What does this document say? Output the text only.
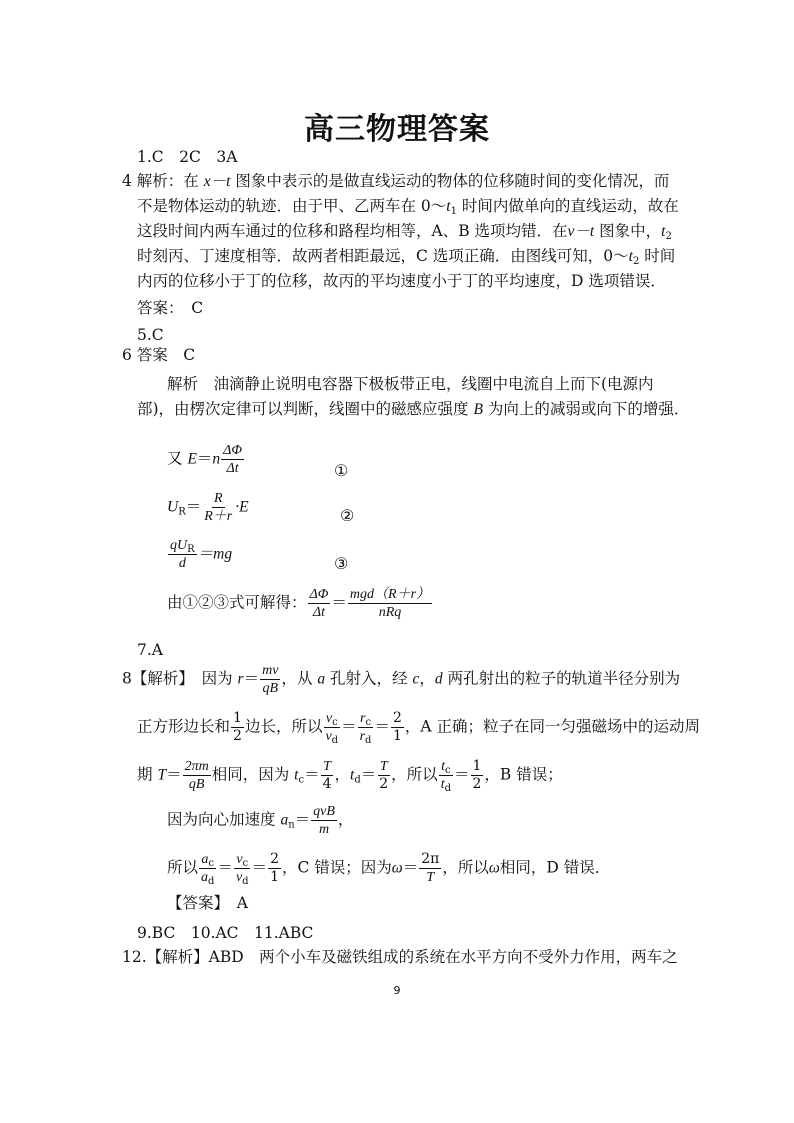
高三物理答案
1.C　2C　3A
4 解析：在 x－t 图象中表示的是做直线运动的物体的位移随时间的变化情况，而
不是物体运动的轨迹．由于甲、乙两车在 $0\sim t_1$ 时间内做单向的直线运动，故在
这段时间内两车通过的位移和路程均相等，A、B 选项均错．在v－t 图象中，$t_2$
时刻丙、丁速度相等．故两者相距最远，C 选项正确．由图线可知，$0\sim t_2$ 时间
内丙的位移小于丁的位移，故丙的平均速度小于丁的平均速度，D 选项错误．
答案：　C
5.C
6 答案　C
解析　油滴静止说明电容器下极板带正电，线圈中电流自上而下(电源内
部)，由楞次定律可以判断，线圈中的磁感应强度 B 为向上的减弱或向下的增强．
又 $E=n \frac{\Delta\Phi}{\Delta t}$	①
$U_R= \frac{R}{R+r} \cdot E$	②
$\frac{qU_R}{d} =mg$	③
由①②③式可解得： $\frac{\Delta\Phi}{\Delta t} = \frac{\text{mgd（R＋r）}}{\text{nRq}}$
7.A
8【解析】　因为 $r= \frac{mv}{qB}$ ，从 a 孔射入，经 c，d 两孔射出的粒子的轨道半径分别为
正方形边长和 $\frac{1}{2}$ 边长，所以 $\frac{v_c}{v_d} = \frac{r_c}{r_d} = \frac{2}{1}$ ，A 正确；粒子在同一匀强磁场中的运动周
期 $T= \frac{2\pi m}{qB}$ 相同，因为 $t_c= \frac{T}{4}$ ，$t_d= \frac{T}{2}$ ，所以 $\frac{t_c}{t_d} = \frac{1}{2}$ ，B 错误；
因为向心加速度 $a_n= \frac{\text{qvB}}{m}$ ，
所以 $\frac{a_c}{a_d} = \frac{v_c}{v_d} = \frac{2}{1}$ ，C 错误；因为$\omega= \frac{2\pi}{T}$ ，所以ω相同，D 错误．
【答案】　A
9.BC　10.AC　11.ABC
12.【解析】ABD　两个小车及磁铁组成的系统在水平方向不受外力作用，两车之
9
